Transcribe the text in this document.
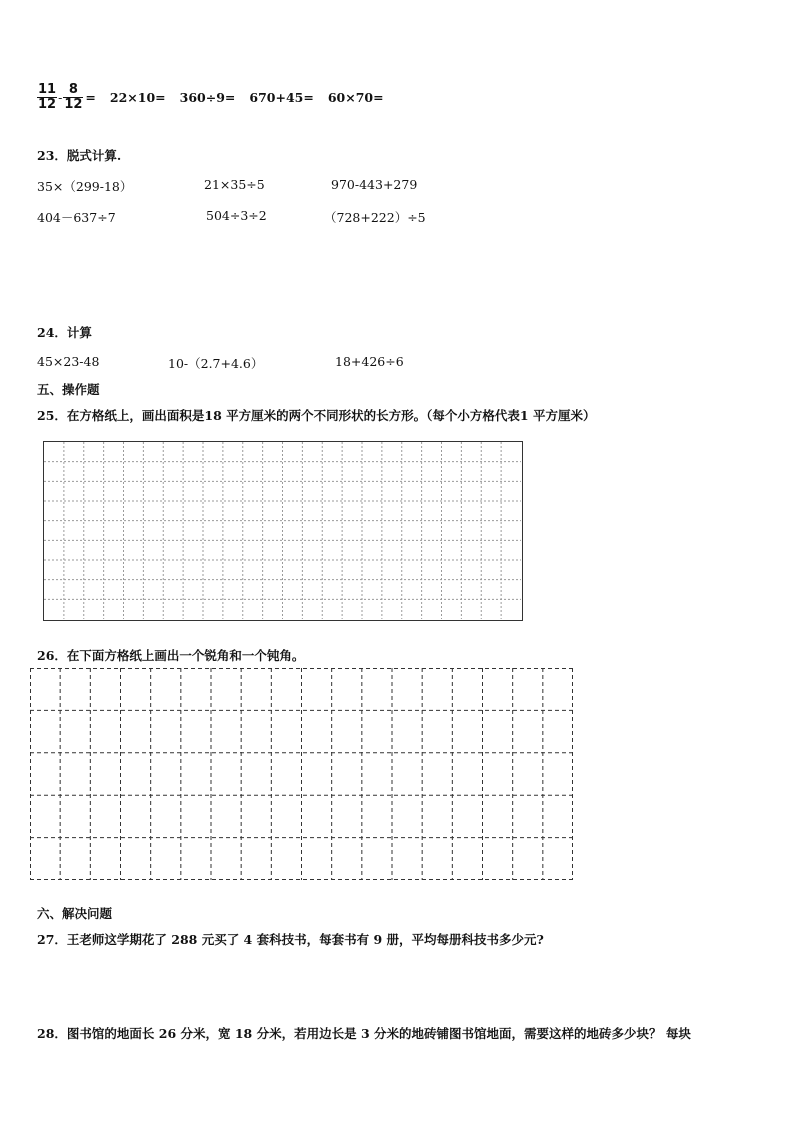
$\frac{11}{12} - \frac{8}{12} = 22\times 10= 360\div 9= 670+45= 60\times 70=$
23．脱式计算.
35×（299-18）	21×35÷5	970-443+279
404－637÷7	504÷3÷2	（728+222）÷5
24．计算
45×23-48	10-（2.7+4.6）	18+426÷6
五、操作题
25．在方格纸上，画出面积是18 平方厘米的两个不同形状的长方形。（每个小方格代表1 平方厘米）
26．在下面方格纸上画出一个锐角和一个钝角。
六、解决问题
27．王老师这学期花了 288 元买了 4 套科技书，每套书有 9 册，平均每册科技书多少元?
28．图书馆的地面长 26 分米，宽 18 分米，若用边长是 3 分米的地砖铺图书馆地面，需要这样的地砖多少块？ 每块
